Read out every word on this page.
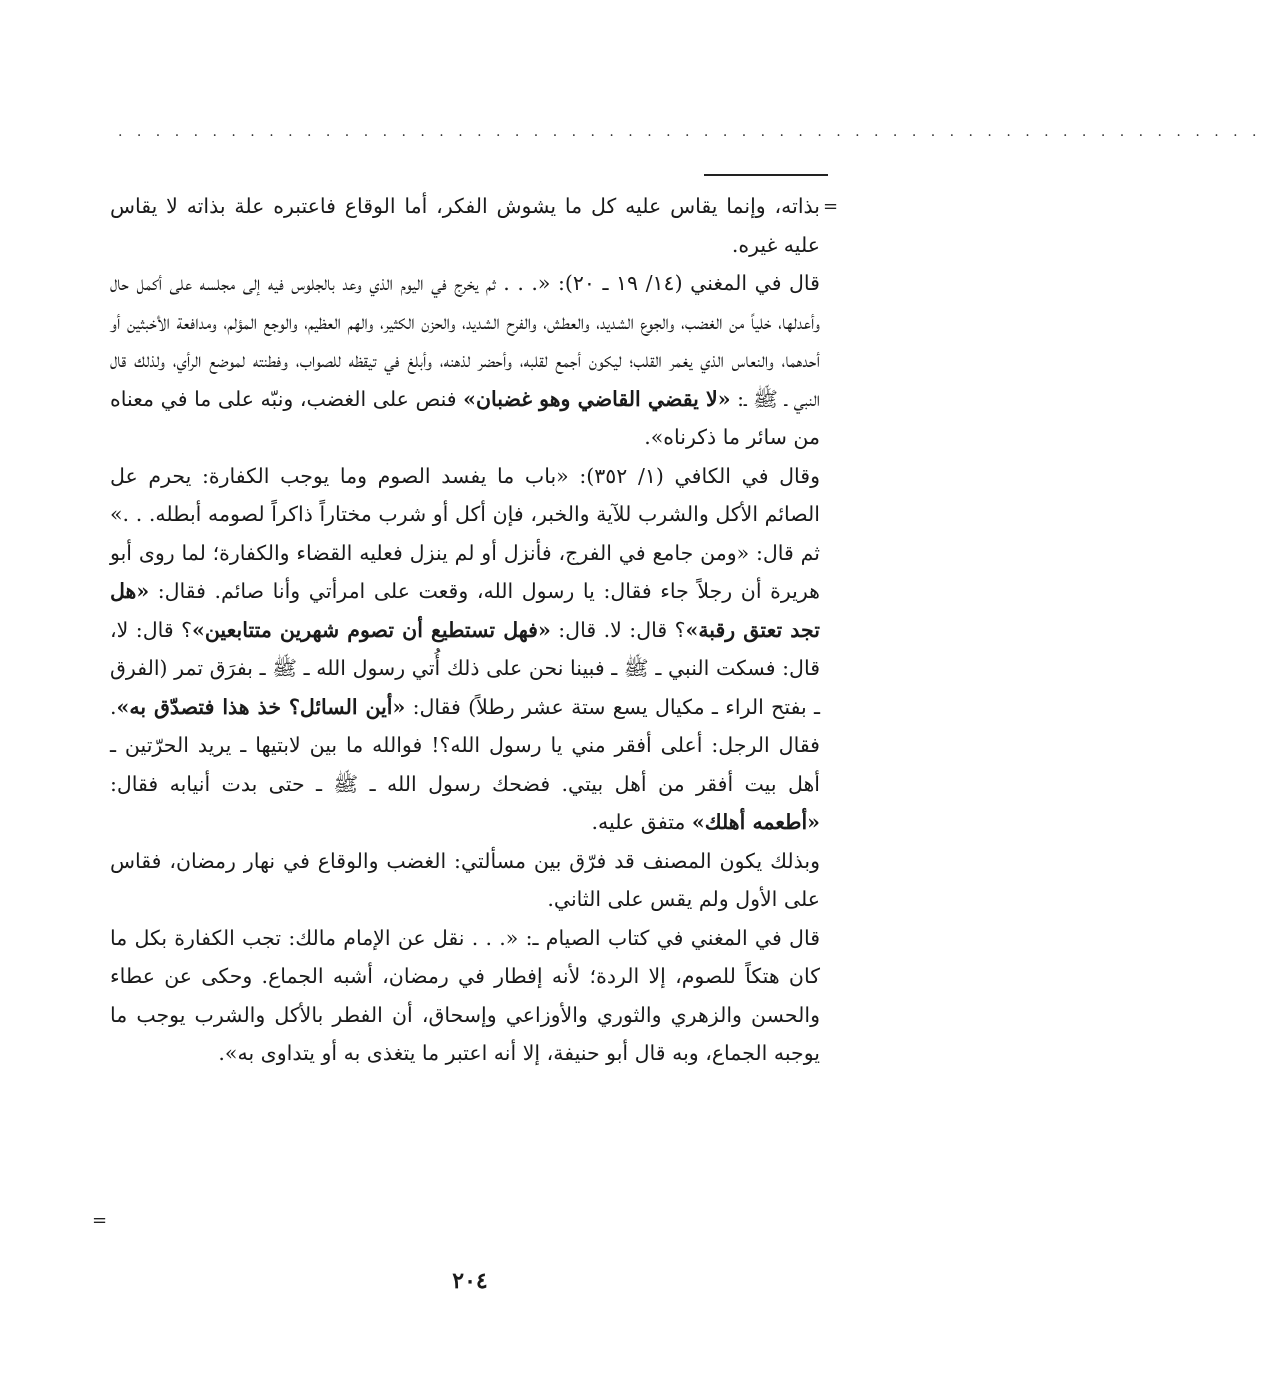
. . . . . . . . . . . . . . . . . . . . . . . . . . . . . . . . . . . . . . . . . . . . . . . . . . . . . . . . . . . . .
=

بذاته، وإنما يقاس عليه كل ما يشوش الفكر، أما الوقاع فاعتبره علة بذاته لا يقاس عليه غيره.

قال في المغني (١٤/ ١٩ ـ ٢٠): «. . . ثم يخرج في اليوم الذي وعد بالجلوس فيه إلى مجلسه على أكمل حال وأعدلها، خلياً من الغضب، والجوع الشديد، والعطش، والفرح الشديد، والحزن الكثير، والهم العظيم، والوجع المؤلم، ومدافعة الأخبثين أو أحدهما، والنعاس الذي يغمر القلب؛ ليكون أجمع لقلبه، وأحضر لذهنه، وأبلغ في تيقظه للصواب، وفطنته لموضع الرأي، ولذلك قال النبي ـ ﷺ ـ: «لا يقضي القاضي وهو غضبان» فنص على الغضب، ونبّه على ما في معناه من سائر ما ذكرناه».

وقال في الكافي (١/ ٣٥٢): «باب ما يفسد الصوم وما يوجب الكفارة: يحرم عل الصائم الأكل والشرب للآية والخبر، فإن أكل أو شرب مختاراً ذاكراً لصومه أبطله. . .» ثم قال: «ومن جامع في الفرج، فأنزل أو لم ينزل فعليه القضاء والكفارة؛ لما روى أبو هريرة أن رجلاً جاء فقال: يا رسول الله، وقعت على امرأتي وأنا صائم. فقال: «هل تجد تعتق رقبة»؟ قال: لا. قال: «فهل تستطيع أن تصوم شهرين متتابعين»؟ قال: لا، قال: فسكت النبي ـ ﷺ ـ فبينا نحن على ذلك أُتي رسول الله ـ ﷺ ـ بفرَق تمر (الفرق ـ بفتح الراء ـ مكيال يسع ستة عشر رطلاً) فقال: «أين السائل؟ خذ هذا فتصدّق به». فقال الرجل: أعلى أفقر مني يا رسول الله؟! فوالله ما بين لابتيها ـ يريد الحرّتين ـ أهل بيت أفقر من أهل بيتي. فضحك رسول الله ـ ﷺ ـ حتى بدت أنيابه فقال: «أطعمه أهلك» متفق عليه.

وبذلك يكون المصنف قد فرّق بين مسألتي: الغضب والوقاع في نهار رمضان، فقاس على الأول ولم يقس على الثاني.

قال في المغني في كتاب الصيام ـ: «. . . نقل عن الإمام مالك: تجب الكفارة بكل ما كان هتكاً للصوم، إلا الردة؛ لأنه إفطار في رمضان، أشبه الجماع. وحكى عن عطاء والحسن والزهري والثوري والأوزاعي وإسحاق، أن الفطر بالأكل والشرب يوجب ما يوجبه الجماع، وبه قال أبو حنيفة، إلا أنه اعتبر ما يتغذى به أو يتداوى به».

=
٢٠٤
